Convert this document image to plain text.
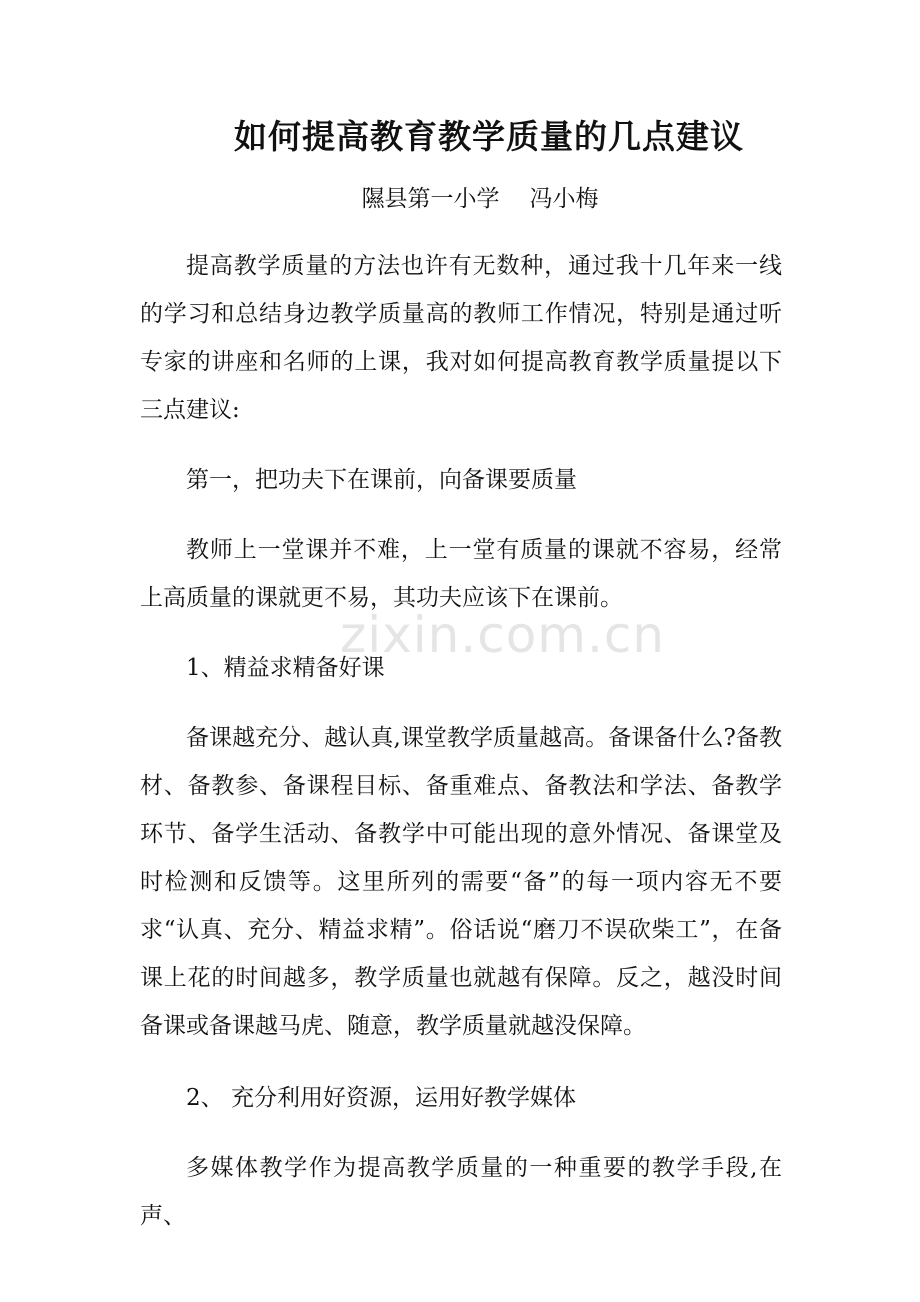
如何提高教育教学质量的几点建议

隰县第一小学 冯小梅

提高教学质量的方法也许有无数种，通过我十几年来一线的学习和总结身边教学质量高的教师工作情况，特别是通过听专家的讲座和名师的上课，我对如何提高教育教学质量提以下三点建议:

第一，把功夫下在课前，向备课要质量

教师上一堂课并不难，上一堂有质量的课就不容易，经常上高质量的课就更不易，其功夫应该下在课前。

1、精益求精备好课

备课越充分、越认真,课堂教学质量越高。备课备什么?备教材、备教参、备课程目标、备重难点、备教法和学法、备教学环节、备学生活动、备教学中可能出现的意外情况、备课堂及时检测和反馈等。这里所列的需要“备”的每一项内容无不要求“认真、充分、精益求精”。俗话说“磨刀不误砍柴工”，在备课上花的时间越多，教学质量也就越有保障。反之，越没时间备课或备课越马虎、随意，教学质量就越没保障。

2、 充分利用好资源，运用好教学媒体

多媒体教学作为提高教学质量的一种重要的教学手段,在声、

zixin.com.cn
